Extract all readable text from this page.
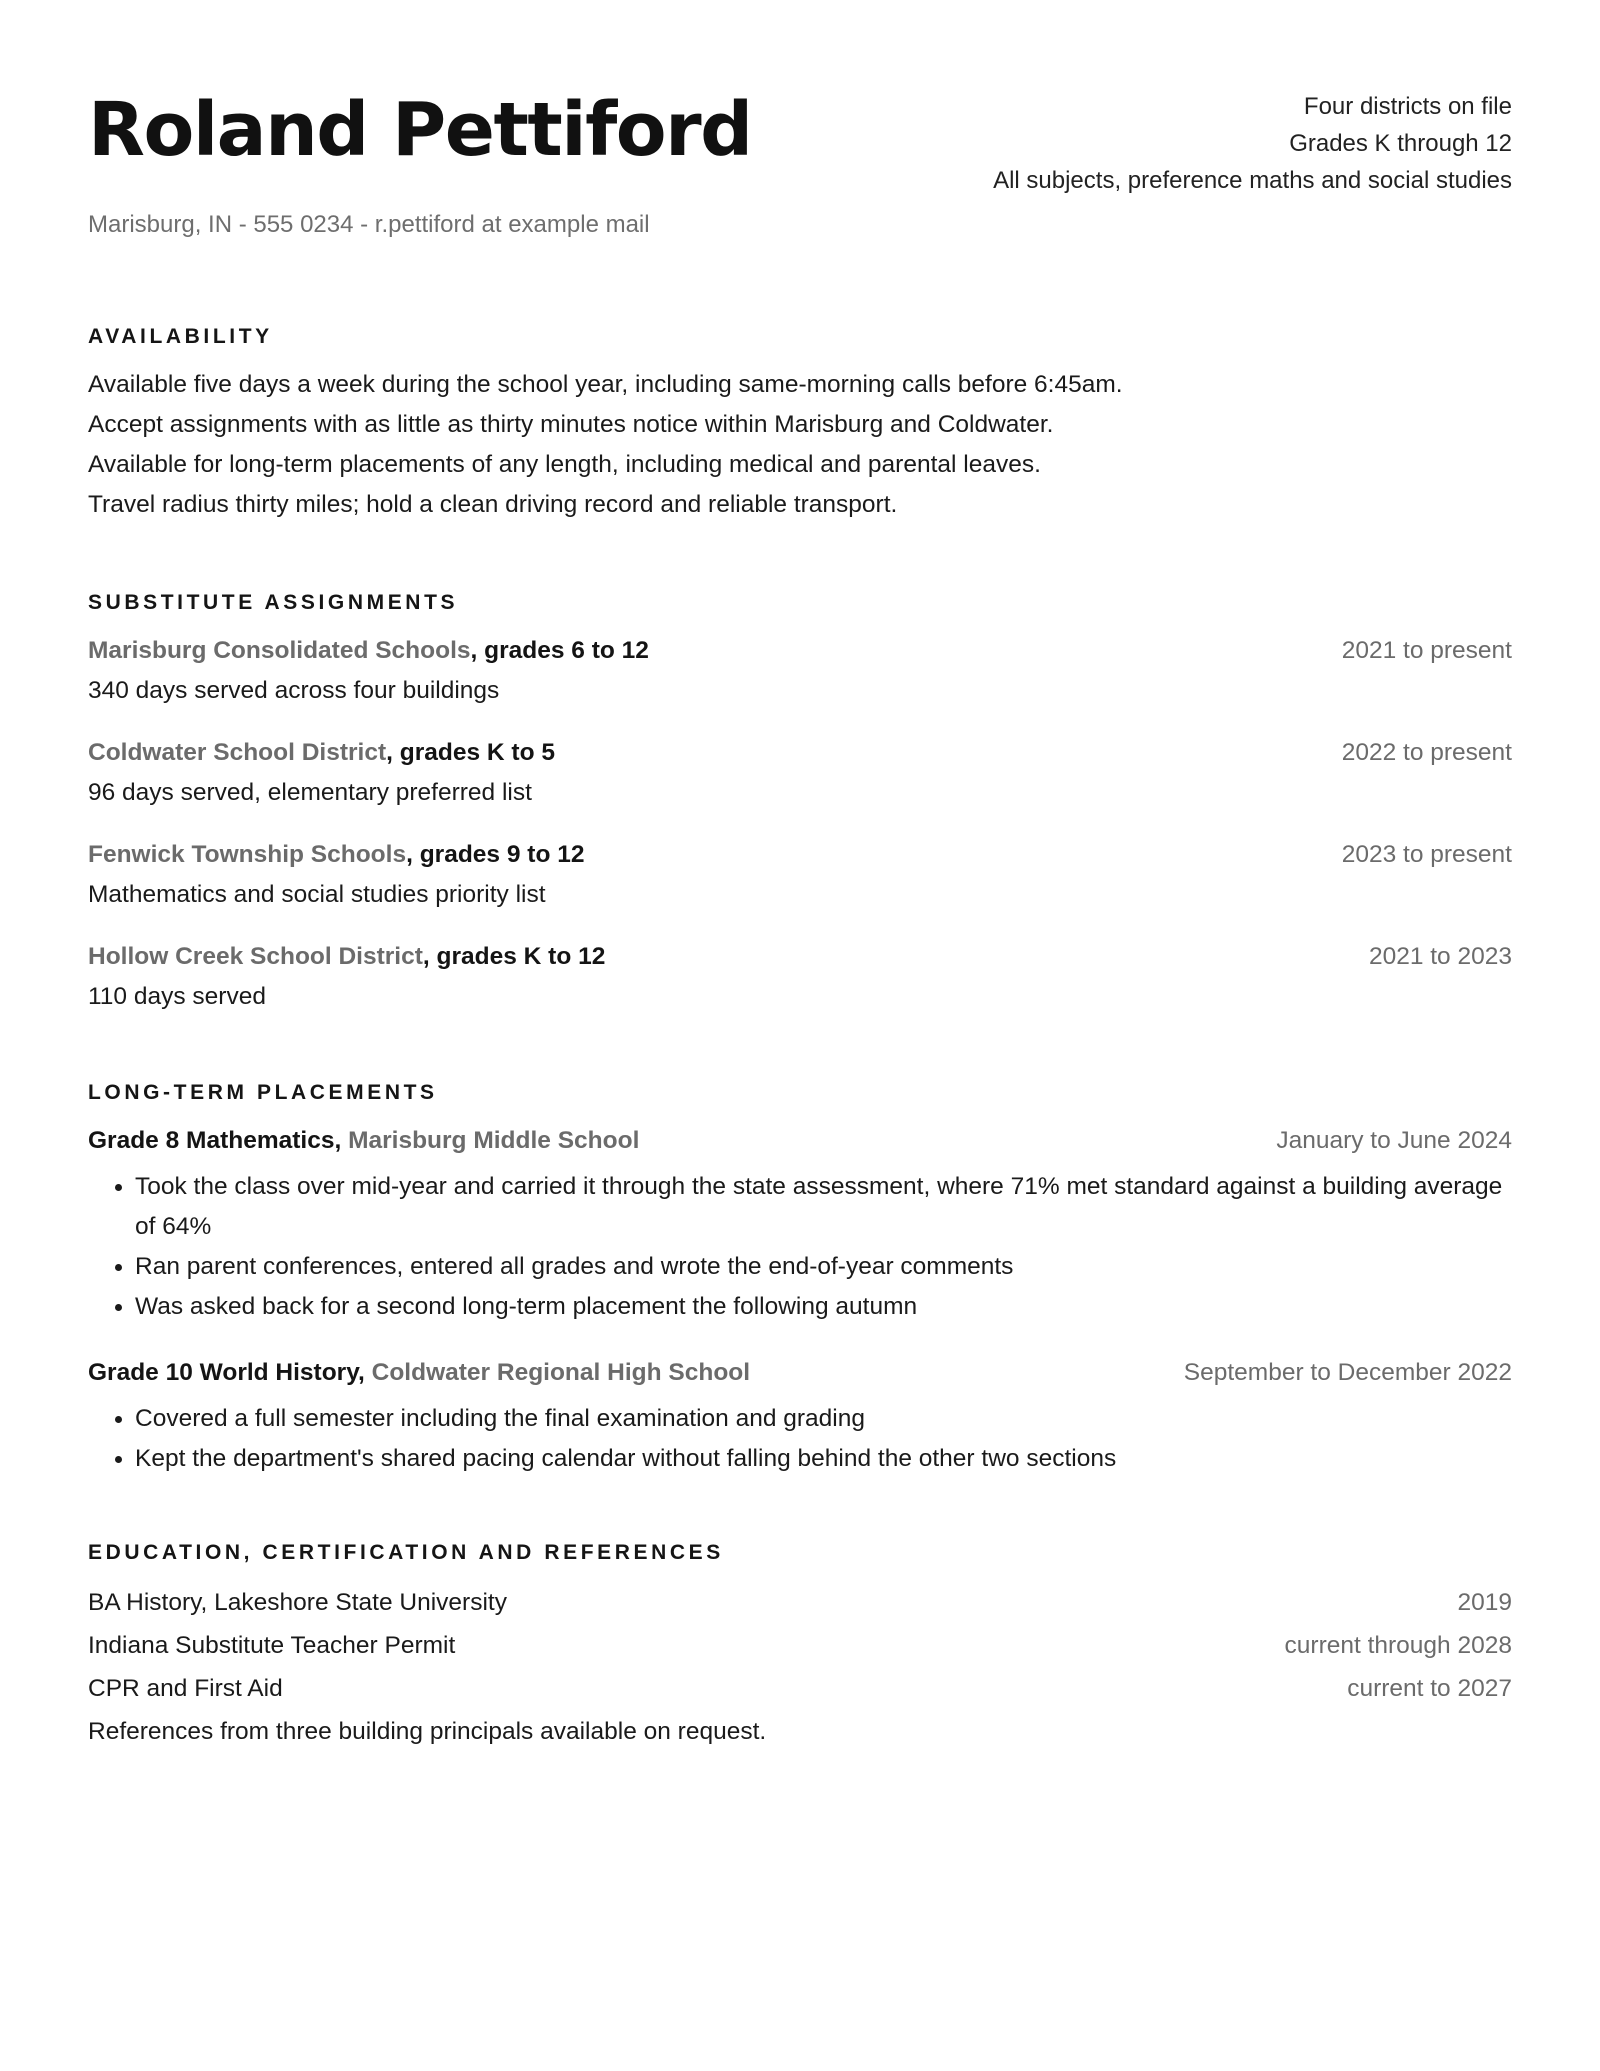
Roland Pettiford
Marisburg, IN - 555 0234 - r.pettiford at example mail
Four districts on file
Grades K through 12
All subjects, preference maths and social studies
AVAILABILITY
Available five days a week during the school year, including same-morning calls before 6:45am.
Accept assignments with as little as thirty minutes notice within Marisburg and Coldwater.
Available for long-term placements of any length, including medical and parental leaves.
Travel radius thirty miles; hold a clean driving record and reliable transport.
SUBSTITUTE ASSIGNMENTS
Marisburg Consolidated Schools, grades 6 to 12	2021 to present
340 days served across four buildings
Coldwater School District, grades K to 5	2022 to present
96 days served, elementary preferred list
Fenwick Township Schools, grades 9 to 12	2023 to present
Mathematics and social studies priority list
Hollow Creek School District, grades K to 12	2021 to 2023
110 days served
LONG-TERM PLACEMENTS
Grade 8 Mathematics, Marisburg Middle School	January to June 2024
Took the class over mid-year and carried it through the state assessment, where 71% met standard against a building average of 64%
Ran parent conferences, entered all grades and wrote the end-of-year comments
Was asked back for a second long-term placement the following autumn
Grade 10 World History, Coldwater Regional High School	September to December 2022
Covered a full semester including the final examination and grading
Kept the department's shared pacing calendar without falling behind the other two sections
EDUCATION, CERTIFICATION AND REFERENCES
BA History, Lakeshore State University	2019
Indiana Substitute Teacher Permit	current through 2028
CPR and First Aid	current to 2027
References from three building principals available on request.
